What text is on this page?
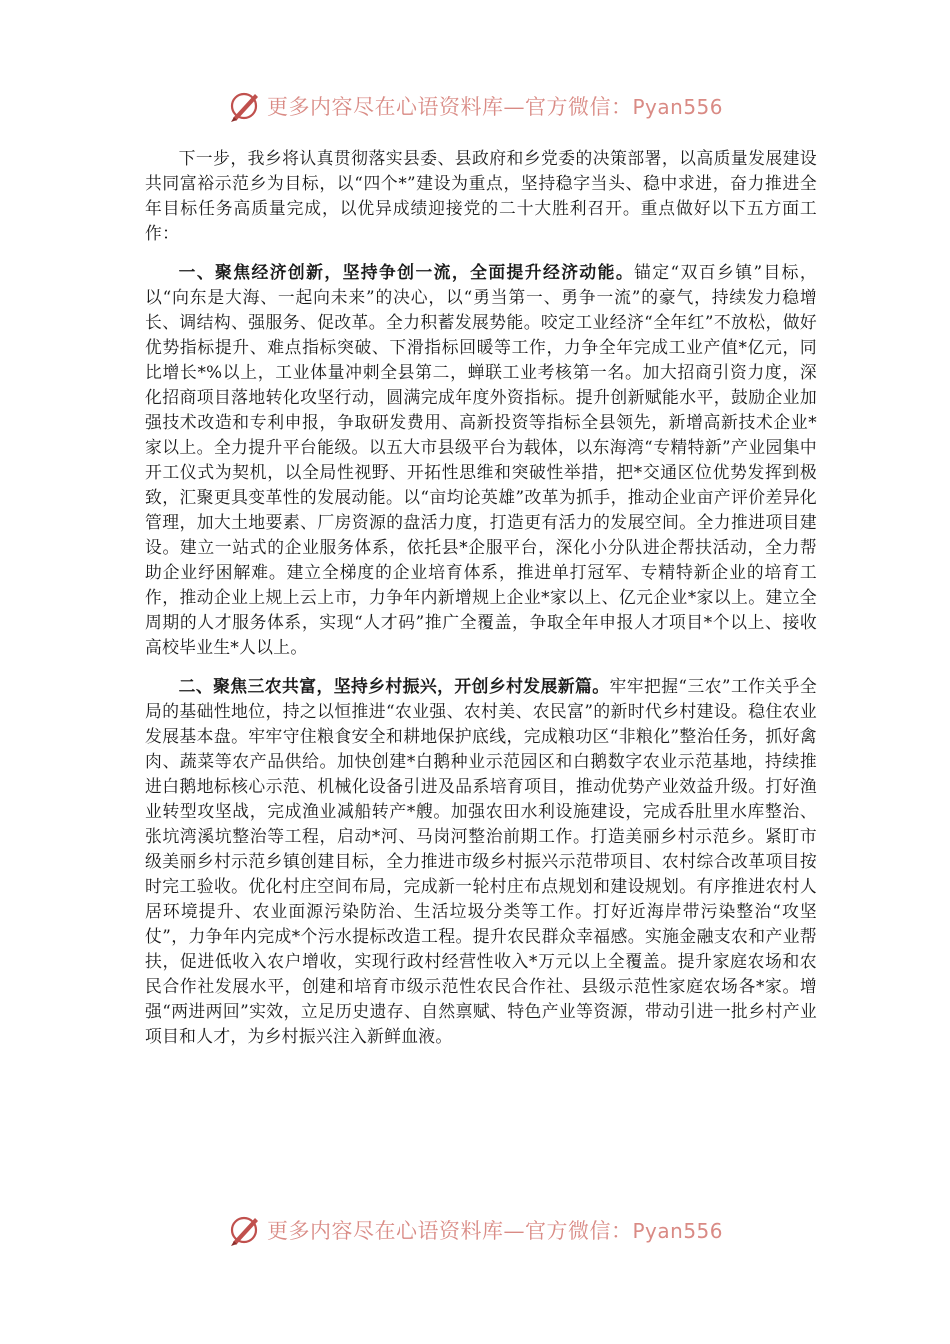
更多内容尽在心语资料库—官方微信：Pyan556

下一步，我乡将认真贯彻落实县委、县政府和乡党委的决策部署，以高质量发展建设共同富裕示范乡为目标，以“四个*”建设为重点，坚持稳字当头、稳中求进，奋力推进全年目标任务高质量完成，以优异成绩迎接党的二十大胜利召开。重点做好以下五方面工作：

一、聚焦经济创新，坚持争创一流，全面提升经济动能。锚定“双百乡镇”目标，以“向东是大海、一起向未来”的决心，以“勇当第一、勇争一流”的豪气，持续发力稳增长、调结构、强服务、促改革。全力积蓄发展势能。咬定工业经济“全年红”不放松，做好优势指标提升、难点指标突破、下滑指标回暖等工作，力争全年完成工业产值*亿元，同比增长*%以上，工业体量冲刺全县第二，蝉联工业考核第一名。加大招商引资力度，深化招商项目落地转化攻坚行动，圆满完成年度外资指标。提升创新赋能水平，鼓励企业加强技术改造和专利申报，争取研发费用、高新投资等指标全县领先，新增高新技术企业*家以上。全力提升平台能级。以五大市县级平台为载体，以东海湾“专精特新”产业园集中开工仪式为契机，以全局性视野、开拓性思维和突破性举措，把*交通区位优势发挥到极致，汇聚更具变革性的发展动能。以“亩均论英雄”改革为抓手，推动企业亩产评价差异化管理，加大土地要素、厂房资源的盘活力度，打造更有活力的发展空间。全力推进项目建设。建立一站式的企业服务体系，依托县*企服平台，深化小分队进企帮扶活动，全力帮助企业纾困解难。建立全梯度的企业培育体系，推进单打冠军、专精特新企业的培育工作，推动企业上规上云上市，力争年内新增规上企业*家以上、亿元企业*家以上。建立全周期的人才服务体系，实现“人才码”推广全覆盖，争取全年申报人才项目*个以上、接收高校毕业生*人以上。

二、聚焦三农共富，坚持乡村振兴，开创乡村发展新篇。牢牢把握“三农”工作关乎全局的基础性地位，持之以恒推进“农业强、农村美、农民富”的新时代乡村建设。稳住农业发展基本盘。牢牢守住粮食安全和耕地保护底线，完成粮功区“非粮化”整治任务，抓好禽肉、蔬菜等农产品供给。加快创建*白鹅种业示范园区和白鹅数字农业示范基地，持续推进白鹅地标核心示范、机械化设备引进及品系培育项目，推动优势产业效益升级。打好渔业转型攻坚战，完成渔业减船转产*艘。加强农田水利设施建设，完成呑肚里水库整治、张坑湾溪坑整治等工程，启动*河、马岗河整治前期工作。打造美丽乡村示范乡。紧盯市级美丽乡村示范乡镇创建目标，全力推进市级乡村振兴示范带项目、农村综合改革项目按时完工验收。优化村庄空间布局，完成新一轮村庄布点规划和建设规划。有序推进农村人居环境提升、农业面源污染防治、生活垃圾分类等工作。打好近海岸带污染整治“攻坚仗”，力争年内完成*个污水提标改造工程。提升农民群众幸福感。实施金融支农和产业帮扶，促进低收入农户增收，实现行政村经营性收入*万元以上全覆盖。提升家庭农场和农民合作社发展水平，创建和培育市级示范性农民合作社、县级示范性家庭农场各*家。增强“两进两回”实效，立足历史遗存、自然禀赋、特色产业等资源，带动引进一批乡村产业项目和人才，为乡村振兴注入新鲜血液。

更多内容尽在心语资料库—官方微信：Pyan556
